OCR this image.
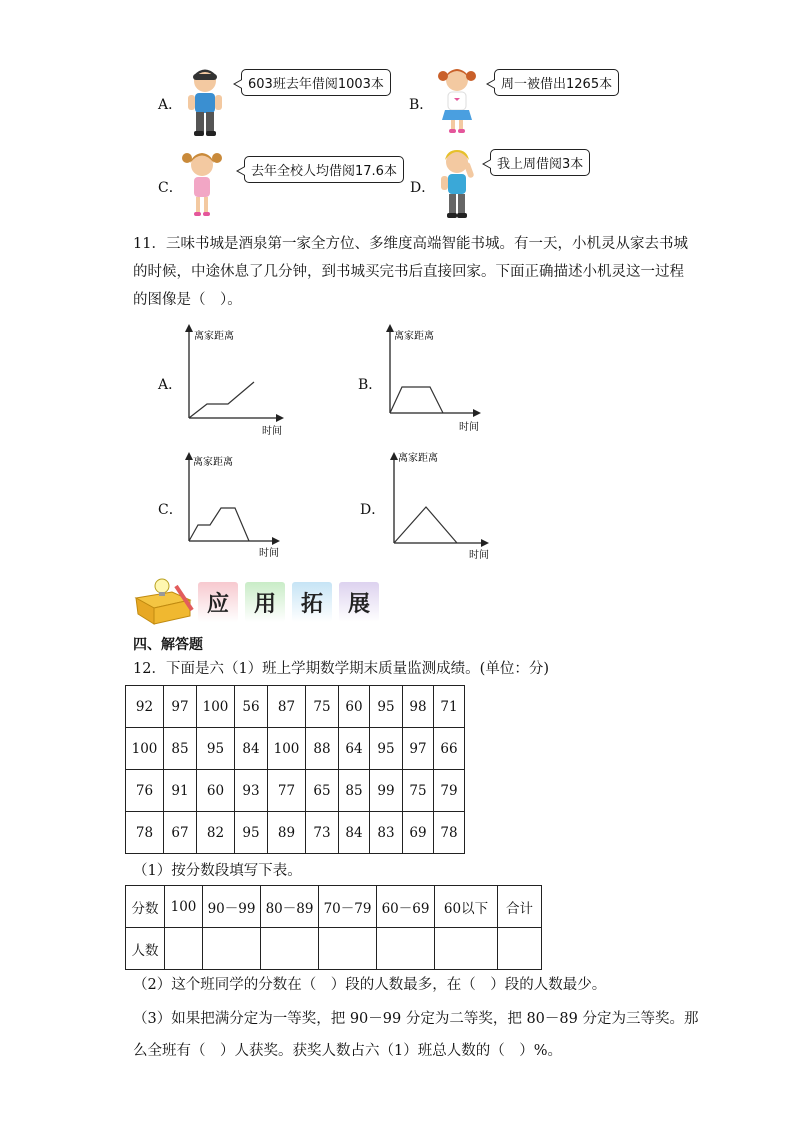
A．
603班去年借阅1003本
B．
周一被借出1265本
C．
去年全校人均借阅17.6本
D．
我上周借阅3本
11．三味书城是酒泉第一家全方位、多维度高端智能书城。有一天，小机灵从家去书城
的时候，中途休息了几分钟，到书城买完书后直接回家。下面正确描述小机灵这一过程
的图像是（　）。
A．
离家距离
时间
B．
离家距离
时间
C．
离家距离
时间
D．
离家距离
时间
应 用 拓 展
四、解答题
12．下面是六（1）班上学期数学期末质量监测成绩。(单位：分)
92	97	100	56	87	75	60	95	98	71
100	85	95	84	100	88	64	95	97	66
76	91	60	93	77	65	85	99	75	79
78	67	82	95	89	73	84	83	69	78
（1）按分数段填写下表。
分数	100	90－99	80－89	70－79	60－69	60以下	合计
人数							
（2）这个班同学的分数在（　）段的人数最多，在（　）段的人数最少。
（3）如果把满分定为一等奖，把 90－99 分定为二等奖，把 80－89 分定为三等奖。那
么全班有（　）人获奖。获奖人数占六（1）班总人数的（　）%。
